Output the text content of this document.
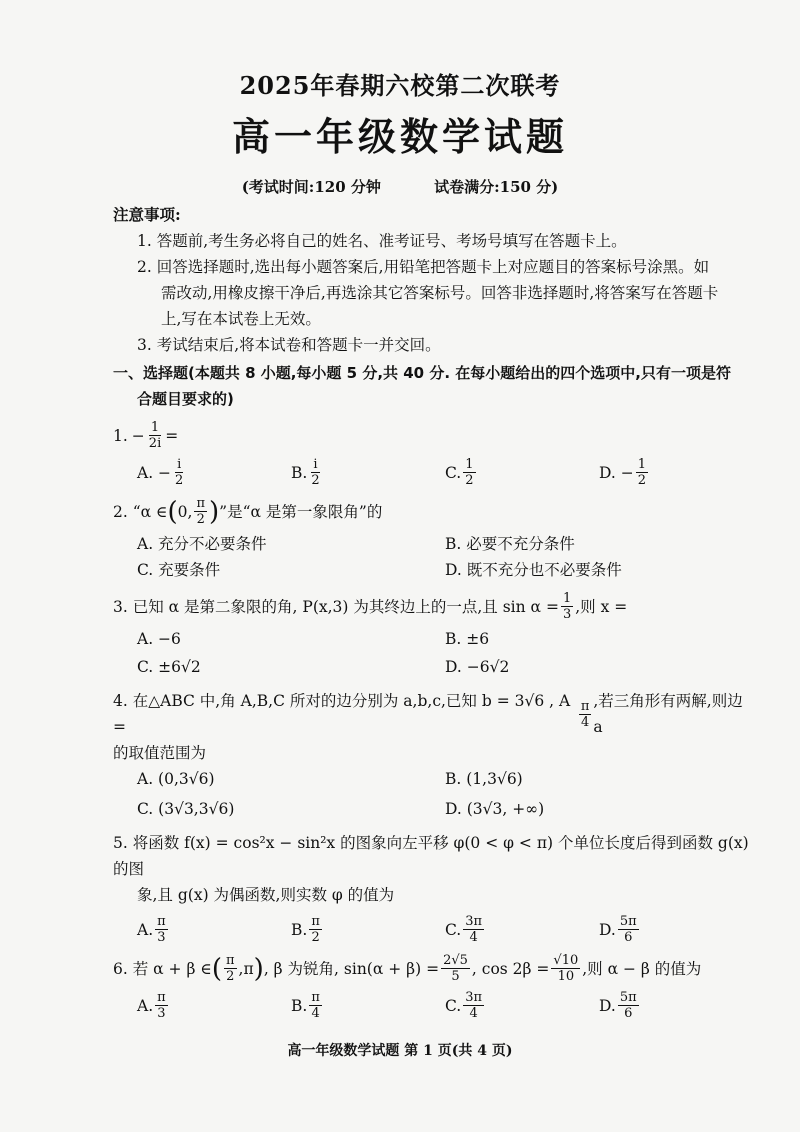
2025年春期六校第二次联考
高一年级数学试题
(考试时间:120 分钟	试卷满分:150 分)
注意事项:
1. 答题前,考生务必将自己的姓名、准考证号、考场号填写在答题卡上。
2. 回答选择题时,选出每小题答案后,用铅笔把答题卡上对应题目的答案标号涂黑。如
需改动,用橡皮擦干净后,再选涂其它答案标号。回答非选择题时,将答案写在答题卡
上,写在本试卷上无效。
3. 考试结束后,将本试卷和答题卡一并交回。
一、选择题(本题共 8 小题,每小题 5 分,共 40 分. 在每小题给出的四个选项中,只有一项是符
合题目要求的)
1. − $\frac{1}{2i}$ =
A. − $\frac{i}{2}$	B. $\frac{i}{2}$	C. $\frac{1}{2}$	D. − $\frac{1}{2}$
2. “α ∈ ( 0, $\frac{\pi}{2}$ ) ”是“α 是第一象限角”的
A. 充分不必要条件	B. 必要不充分条件
C. 充要条件	D. 既不充分也不必要条件
3. 已知 α 是第二象限的角, P(x,3) 为其终边上的一点,且 $\sin \alpha = \frac{1}{3}$ ,则 x =
A. −6	B. ±6
C. ±6√2	D. −6√2
4. 在△ABC 中,角 A,B,C 所对的边分别为 a,b,c,已知 b = 3√6 , A =	$\frac{\pi}{4}$ ,若三角形有两解,则边 a
的取值范围为
A. (0,3√6)	B. (1,3√6)
C. (3√3,3√6)	D. (3√3, +∞)
5. 将函数 f(x) = cos²x − sin²x 的图象向左平移 φ(0 < φ < π) 个单位长度后得到函数 g(x) 的图
象,且 g(x) 为偶函数,则实数 φ 的值为
A. $\frac{\pi}{3}$	B. $\frac{\pi}{2}$	C. $\frac{3\pi}{4}$	D. $\frac{5\pi}{6}$
6. 若 α + β ∈ ( $\frac{\pi}{2} ,\pi$ ) , β 为锐角, $\sin(\alpha + \beta) = \frac{2√5}{5}$ , $\cos 2\beta = \frac{√10}{10}$ ,则 α − β 的值为
A. $\frac{\pi}{3}$	B. $\frac{\pi}{4}$	C. $\frac{3\pi}{4}$	D. $\frac{5\pi}{6}$
高一年级数学试题 第 1 页(共 4 页)
